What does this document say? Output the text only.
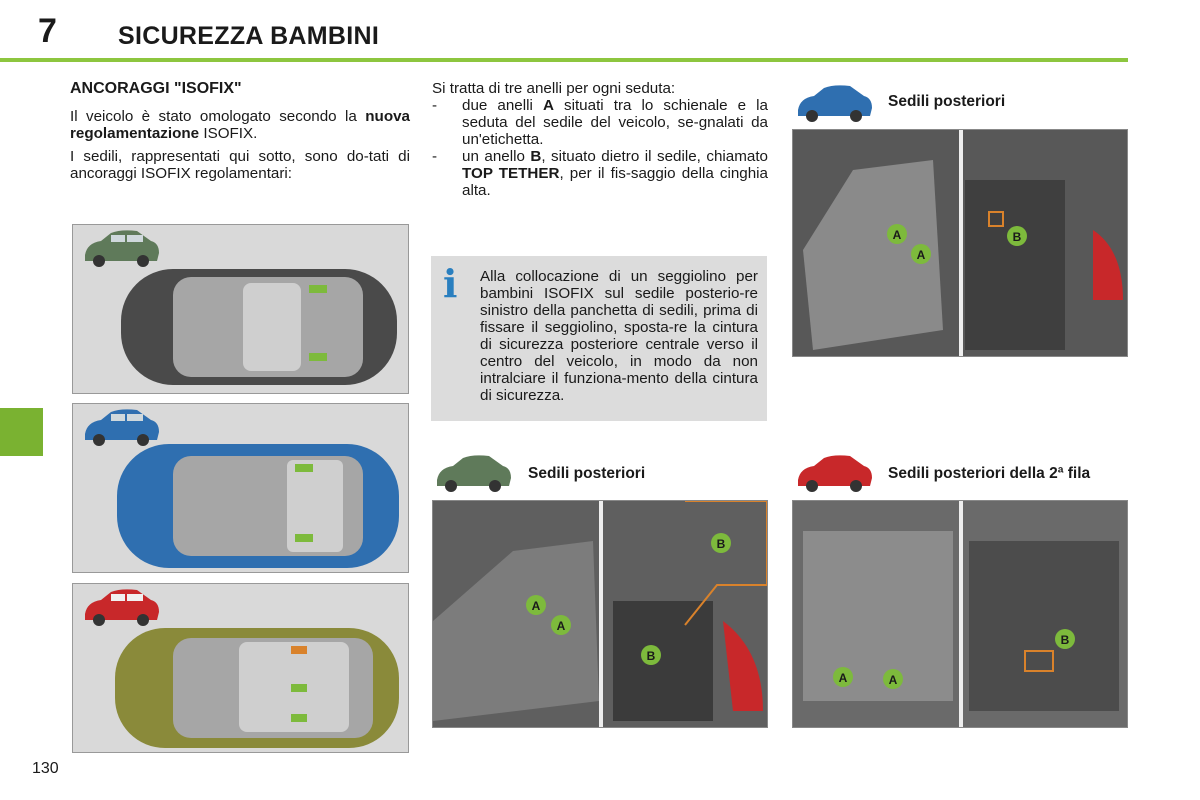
7 SICUREZZA BAMBINI
130
ANCORAGGI "ISOFIX"

Il veicolo è stato omologato secondo la nuova regolamentazione ISOFIX.

I sedili, rappresentati qui sotto, sono do-tati di ancoraggi ISOFIX regolamentari:

Si tratta di tre anelli per ogni seduta:

- due anelli A situati tra lo schienale e la seduta del sedile del veicolo, se-gnalati da un'etichetta.
- un anello B, situato dietro il sedile, chiamato TOP TETHER, per il fis-saggio della cinghia alta.
i Alla collocazione di un seggiolino per bambini ISOFIX sul sedile posterio-re sinistro della panchetta di sedili, prima di fissare il seggiolino, sposta-re la cintura di sicurezza posteriore centrale verso il centro del veicolo, in modo da non intralciare il funziona-mento della cintura di sicurezza.
Sedili posteriori
Sedili posteriori	Sedili posteriori della 2ª fila
A
A
B
A
A
B
B
A	A
B
